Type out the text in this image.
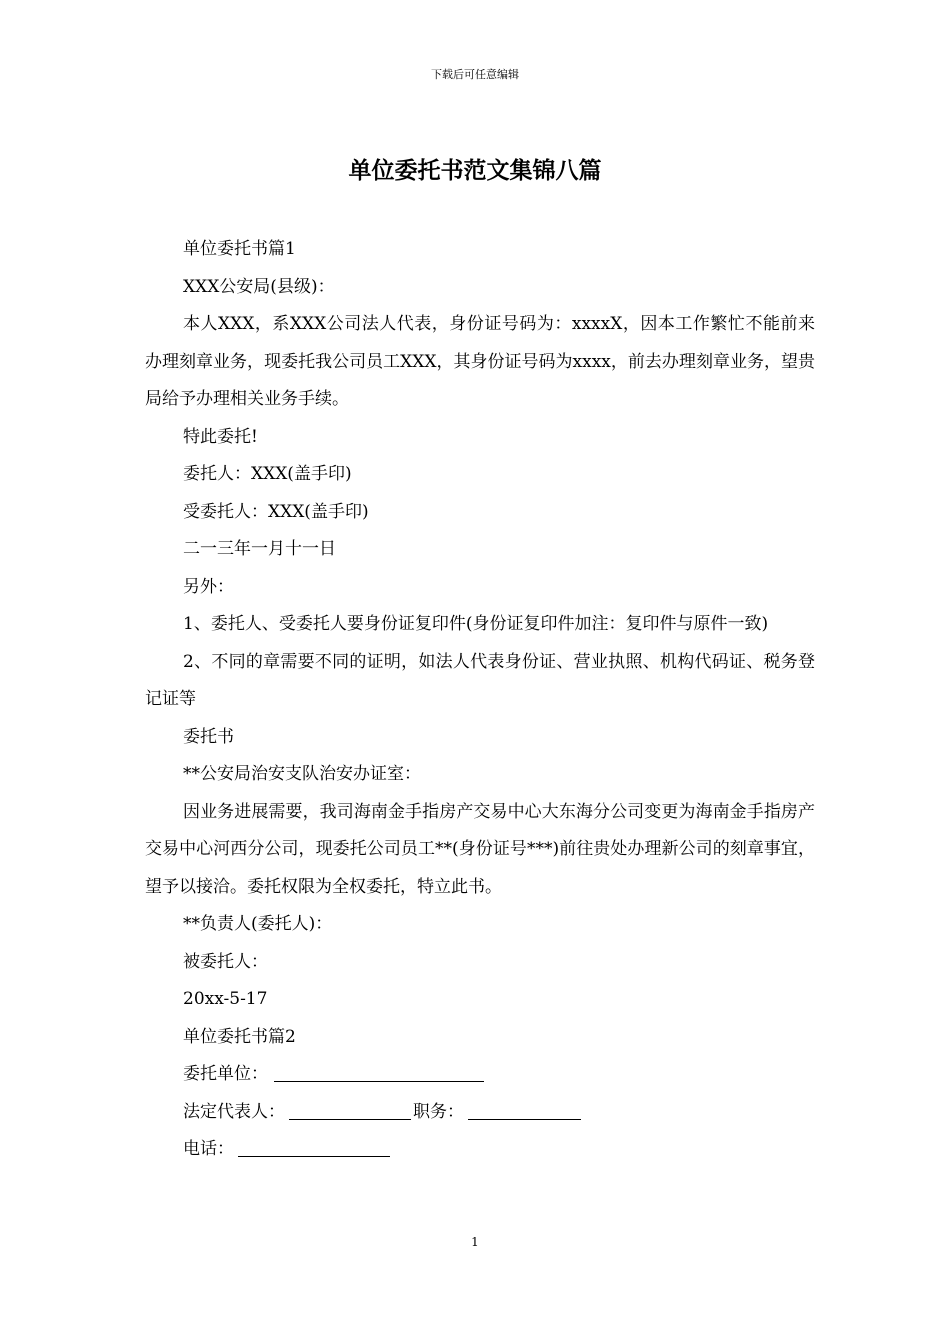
下载后可任意编辑
单位委托书范文集锦八篇

单位委托书篇1

XXX公安局(县级)：

本人XXX，系XXX公司法人代表，身份证号码为：xxxxX，因本工作繁忙不能前来办理刻章业务，现委托我公司员工XXX，其身份证号码为xxxx，前去办理刻章业务，望贵局给予办理相关业务手续。

特此委托!

委托人：XXX(盖手印)

受委托人：XXX(盖手印)

二一三年一月十一日

另外：

1、委托人、受委托人要身份证复印件(身份证复印件加注：复印件与原件一致)

2、不同的章需要不同的证明，如法人代表身份证、营业执照、机构代码证、税务登记证等

委托书

**公安局治安支队治安办证室：

因业务进展需要，我司海南金手指房产交易中心大东海分公司变更为海南金手指房产交易中心河西分公司，现委托公司员工**(身份证号***)前往贵处办理新公司的刻章事宜，望予以接洽。委托权限为全权委托，特立此书。

**负责人(委托人)：

被委托人：

20xx-5-17

单位委托书篇2

委托单位：

法定代表人：	职务：

电话：

1
